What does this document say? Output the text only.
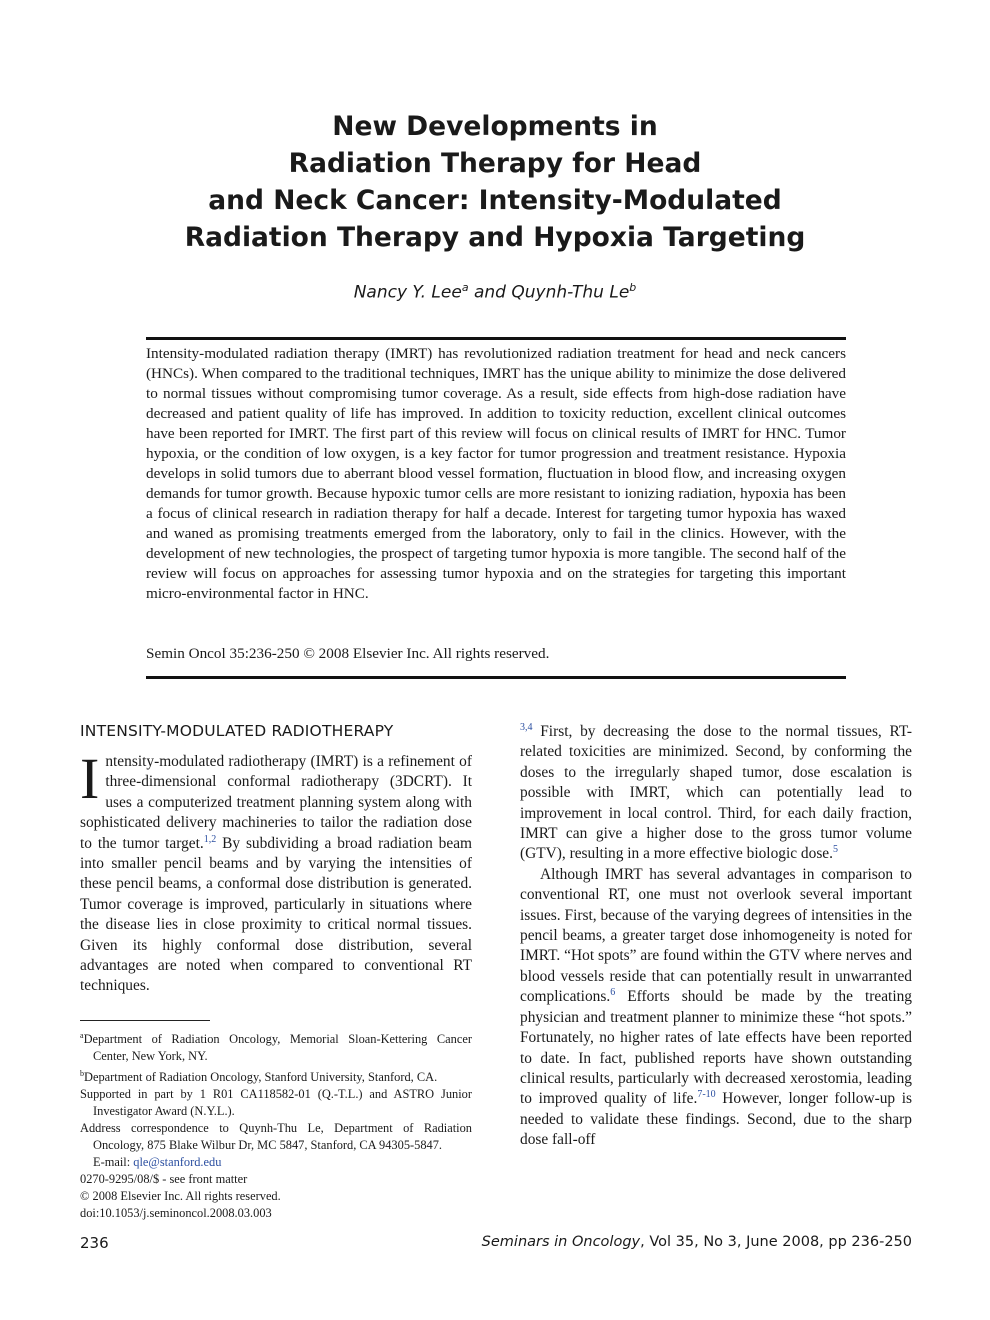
New Developments in
Radiation Therapy for Head
and Neck Cancer: Intensity-Modulated
Radiation Therapy and Hypoxia Targeting
Nancy Y. Lee$^a$ and Quynh-Thu Le$^b$

Intensity-modulated radiation therapy (IMRT) has revolutionized radiation treatment for head and neck cancers (HNCs). When compared to the traditional techniques, IMRT has the unique ability to minimize the dose delivered to normal tissues without compromising tumor coverage. As a result, side effects from high-dose radiation have decreased and patient quality of life has improved. In addition to toxicity reduction, excellent clinical outcomes have been reported for IMRT. The first part of this review will focus on clinical results of IMRT for HNC. Tumor hypoxia, or the condition of low oxygen, is a key factor for tumor progression and treatment resistance. Hypoxia develops in solid tumors due to aberrant blood vessel formation, fluctuation in blood flow, and increasing oxygen demands for tumor growth. Because hypoxic tumor cells are more resistant to ionizing radiation, hypoxia has been a focus of clinical research in radiation therapy for half a decade. Interest for targeting tumor hypoxia has waxed and waned as promising treatments emerged from the laboratory, only to fail in the clinics. However, with the development of new technologies, the prospect of targeting tumor hypoxia is more tangible. The second half of the review will focus on approaches for assessing tumor hypoxia and on the strategies for targeting this important micro-environmental factor in HNC.

Semin Oncol 35:236-250 © 2008 Elsevier Inc. All rights reserved.
INTENSITY-MODULATED RADIOTHERAPY

Intensity-modulated radiotherapy (IMRT) is a refinement of three-dimensional conformal radiotherapy (3DCRT). It uses a computerized treatment planning system along with sophisticated delivery machineries to tailor the radiation dose to the tumor target.$^{1,2}$ By subdividing a broad radiation beam into smaller pencil beams and by varying the intensities of these pencil beams, a conformal dose distribution is generated. Tumor coverage is improved, particularly in situations where the disease lies in close proximity to critical normal tissues. Given its highly conformal dose distribution, several advantages are noted when compared to conventional RT techniques.

$^{3,4}$ First, by decreasing the dose to the normal tissues, RT-related toxicities are minimized. Second, by conforming the doses to the irregularly shaped tumor, dose escalation is possible with IMRT, which can potentially lead to improvement in local control. Third, for each daily fraction, IMRT can give a higher dose to the gross tumor volume (GTV), resulting in a more effective biologic dose.$^5$

Although IMRT has several advantages in comparison to conventional RT, one must not overlook several important issues. First, because of the varying degrees of intensities in the pencil beams, a greater target dose inhomogeneity is noted for IMRT. “Hot spots” are found within the GTV where nerves and blood vessels reside that can potentially result in unwarranted complications.$^6$ Efforts should be made by the treating physician and treatment planner to minimize these “hot spots.” Fortunately, no higher rates of late effects have been reported to date. In fact, published reports have shown outstanding clinical results, particularly with decreased xerostomia, leading to improved quality of life.$^{7-10}$ However, longer follow-up is needed to validate these findings. Second, due to the sharp dose fall-off

$^a$Department of Radiation Oncology, Memorial Sloan-Kettering Cancer Center, New York, NY.

$^b$Department of Radiation Oncology, Stanford University, Stanford, CA.

Supported in part by 1 R01 CA118582-01 (Q.-T.L.) and ASTRO Junior Investigator Award (N.Y.L.).

Address correspondence to Quynh-Thu Le, Department of Radiation Oncology, 875 Blake Wilbur Dr, MC 5847, Stanford, CA 94305-5847.

E-mail: qle@stanford.edu

0270-9295/08/$ - see front matter

© 2008 Elsevier Inc. All rights reserved.

doi:10.1053/j.seminoncol.2008.03.003

236	Seminars in Oncology, Vol 35, No 3, June 2008, pp 236-250
